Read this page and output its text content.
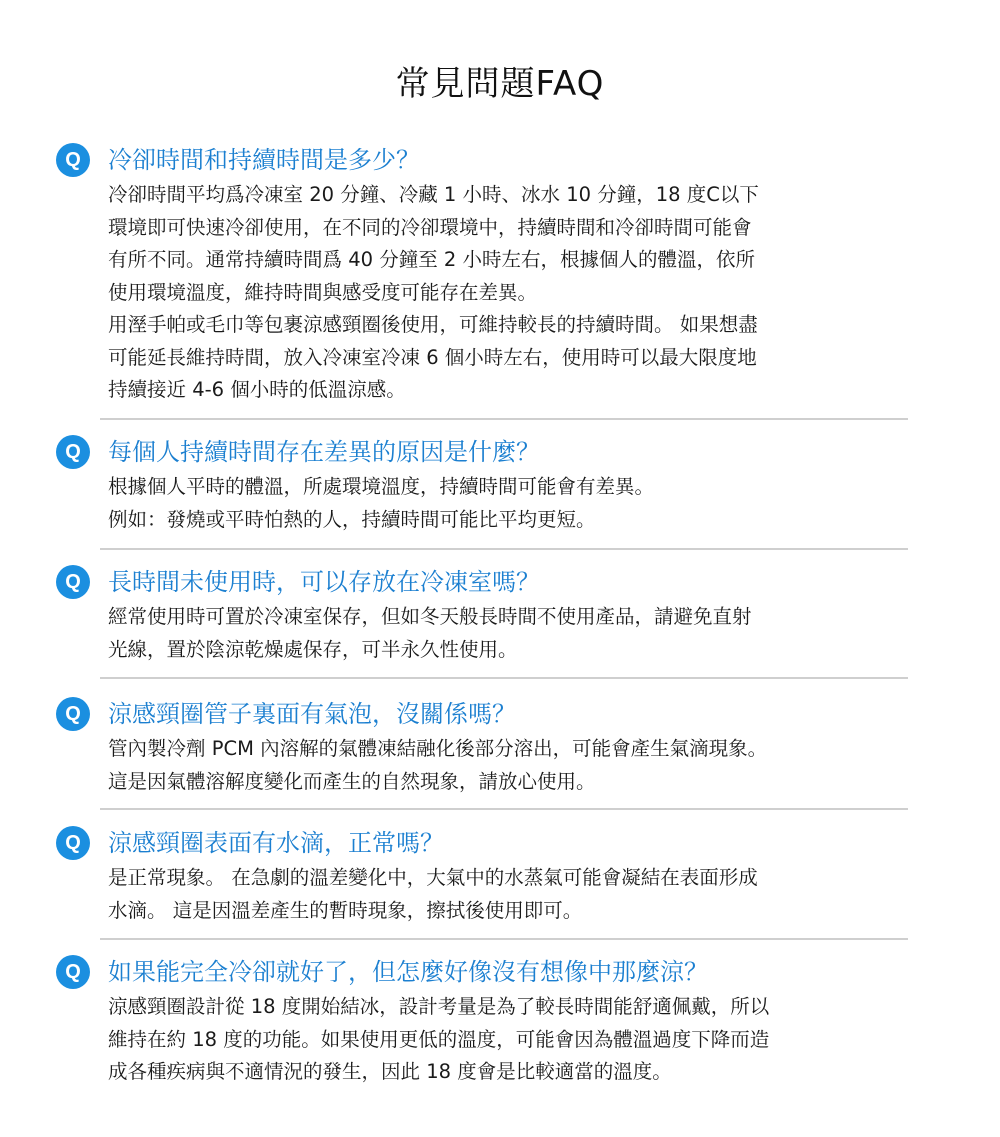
常見問題FAQ
Q	冷卻時間和持續時間是多少？

冷卻時間平均爲冷凍室 20 分鐘、冷藏 1 小時、冰水 10 分鐘，18 度C以下

環境即可快速冷卻使用，在不同的冷卻環境中，持續時間和冷卻時間可能會

有所不同。通常持續時間爲 40 分鐘至 2 小時左右，根據個人的體溫，依所

使用環境溫度，維持時間與感受度可能存在差異。

用溼手帕或毛巾等包裹涼感頸圈後使用，可維持較長的持續時間。 如果想盡

可能延長維持時間，放入冷凍室冷凍 6 個小時左右，使用時可以最大限度地

持續接近 4-6 個小時的低溫涼感。

Q	每個人持續時間存在差異的原因是什麼？

根據個人平時的體溫，所處環境溫度，持續時間可能會有差異。

例如：發燒或平時怕熱的人，持續時間可能比平均更短。

Q	長時間未使用時，可以存放在冷凍室嗎？

經常使用時可置於冷凍室保存，但如冬天般長時間不使用產品，請避免直射

光線，置於陰涼乾燥處保存，可半永久性使用。

Q	涼感頸圈管子裏面有氣泡，沒關係嗎？

管內製冷劑 PCM 內溶解的氣體凍結融化後部分溶出，可能會產生氣滴現象。

這是因氣體溶解度變化而產生的自然現象，請放心使用。

Q	涼感頸圈表面有水滴，正常嗎？

是正常現象。 在急劇的溫差變化中，大氣中的水蒸氣可能會凝結在表面形成

水滴。 這是因溫差產生的暫時現象，擦拭後使用即可。

Q	如果能完全冷卻就好了，但怎麼好像沒有想像中那麼涼？

涼感頸圈設計從 18 度開始結冰，設計考量是為了較長時間能舒適佩戴，所以

維持在約 18 度的功能。如果使用更低的溫度，可能會因為體溫過度下降而造

成各種疾病與不適情況的發生，因此 18 度會是比較適當的溫度。
